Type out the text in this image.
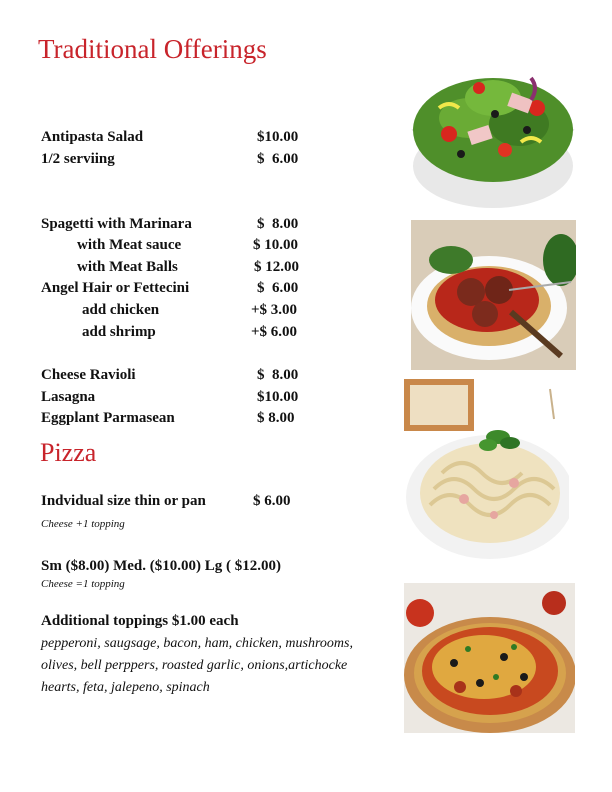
Traditional Offerings
Antipasta Salad	$10.00
1/2 serviing	$  6.00
Spagetti with Marinara	$  8.00
with Meat sauce	$ 10.00
with Meat Balls	$ 12.00
Angel Hair or Fettecini	$  6.00
add chicken	+$ 3.00
add shrimp	+$ 6.00
Cheese Ravioli	$  8.00
Lasagna	$10.00
Eggplant Parmasean	$ 8.00
Pizza
Indvidual size thin or pan	$ 6.00
Cheese +1 topping
Sm ($8.00) Med. ($10.00) Lg ( $12.00)
Cheese =1 topping
Additional toppings $1.00 each
pepperoni, saugsage, bacon, ham, chicken, mushrooms, olives, bell perppers, roasted garlic, onions,artichocke hearts, feta, jalepeno, spinach
